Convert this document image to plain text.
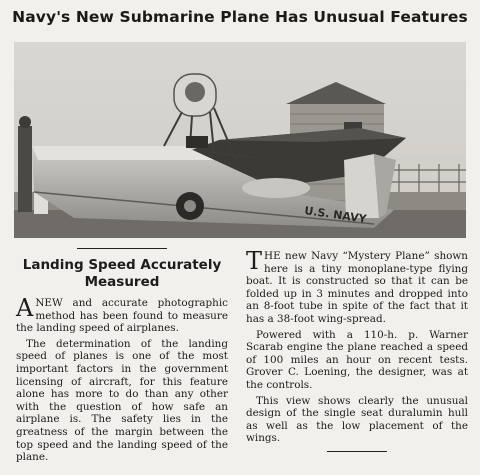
Navy's New Submarine Plane Has Unusual Features
U.S. NAVY
Landing Speed Accurately
Measured

ANEW and accurate photographic method has been found to measure the landing speed of airplanes.

The determination of the landing speed of planes is one of the most important factors in the government licensing of aircraft, for this feature alone has more to do than any other with the question of how safe an airplane is. The safety lies in the greatness of the margin between the top speed and the landing speed of the plane.

THE new Navy “Mystery Plane” shown here is a tiny monoplane-type flying boat. It is constructed so that it can be folded up in 3 minutes and dropped into an 8-foot tube in spite of the fact that it has a 38-foot wing-spread.

Powered with a 110-h. p. Warner Scarab engine the plane reached a speed of 100 miles an hour on recent tests. Grover C. Loening, the designer, was at the controls.

This view shows clearly the unusual design of the single seat duralumin hull as well as the low placement of the wings.
